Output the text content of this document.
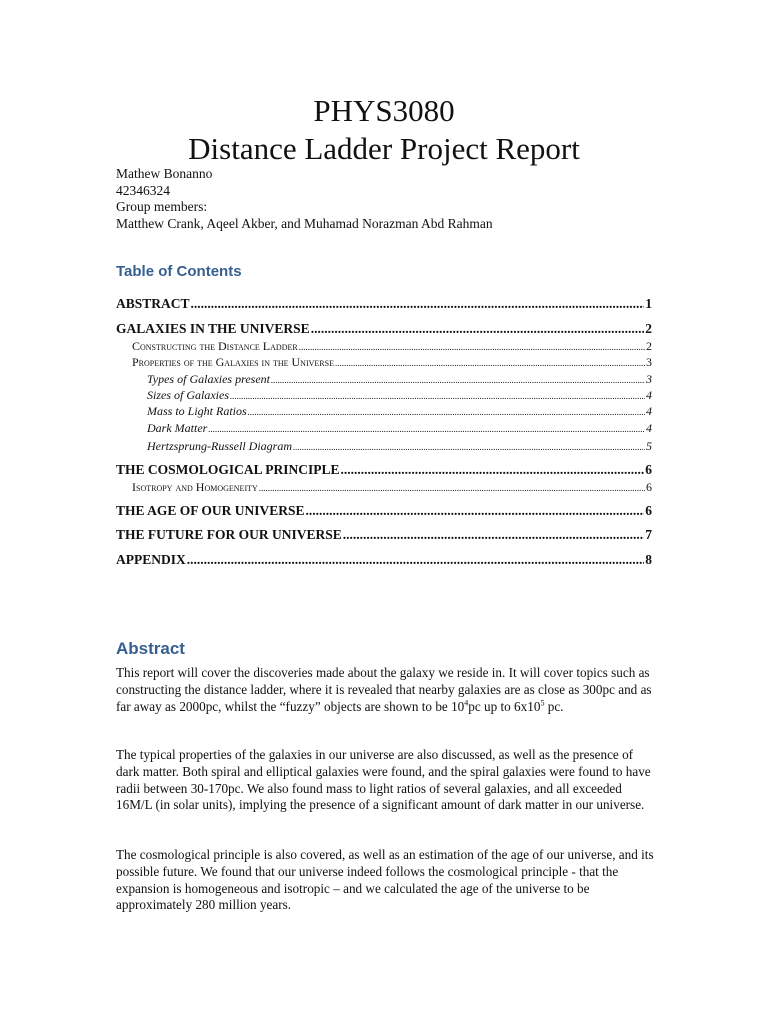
PHYS3080
Distance Ladder Project Report
Mathew Bonanno
42346324
Group members:
Matthew Crank, Aqeel Akber, and Muhamad Norazman Abd Rahman
Table of Contents
ABSTRACT .....	1
GALAXIES IN THE UNIVERSE .....	2
Constructing the Distance Ladder .....	2
Properties of the Galaxies in the Universe .....	3
Types of Galaxies present .....	3
Sizes of Galaxies .....	4
Mass to Light Ratios .....	4
Dark Matter .....	4
Hertzsprung-Russell Diagram .....	5
THE COSMOLOGICAL PRINCIPLE .....	6
Isotropy and Homogeneity .....	6
THE AGE OF OUR UNIVERSE .....	6
THE FUTURE FOR OUR UNIVERSE .....	7
APPENDIX .....	8
Abstract
This report will cover the discoveries made about the galaxy we reside in. It will cover topics such as constructing the distance ladder, where it is revealed that nearby galaxies are as close as 300pc and as far away as 2000pc, whilst the “fuzzy” objects are shown to be $10^4pc$ up to $6x10^5$ pc.
The typical properties of the galaxies in our universe are also discussed, as well as the presence of dark matter. Both spiral and elliptical galaxies were found, and the spiral galaxies were found to have radii between 30-170pc. We also found mass to light ratios of several galaxies, and all exceeded 16M/L (in solar units), implying the presence of a significant amount of dark matter in our universe.
The cosmological principle is also covered, as well as an estimation of the age of our universe, and its possible future. We found that our universe indeed follows the cosmological principle - that the expansion is homogeneous and isotropic – and we calculated the age of the universe to be approximately 280 million years.
